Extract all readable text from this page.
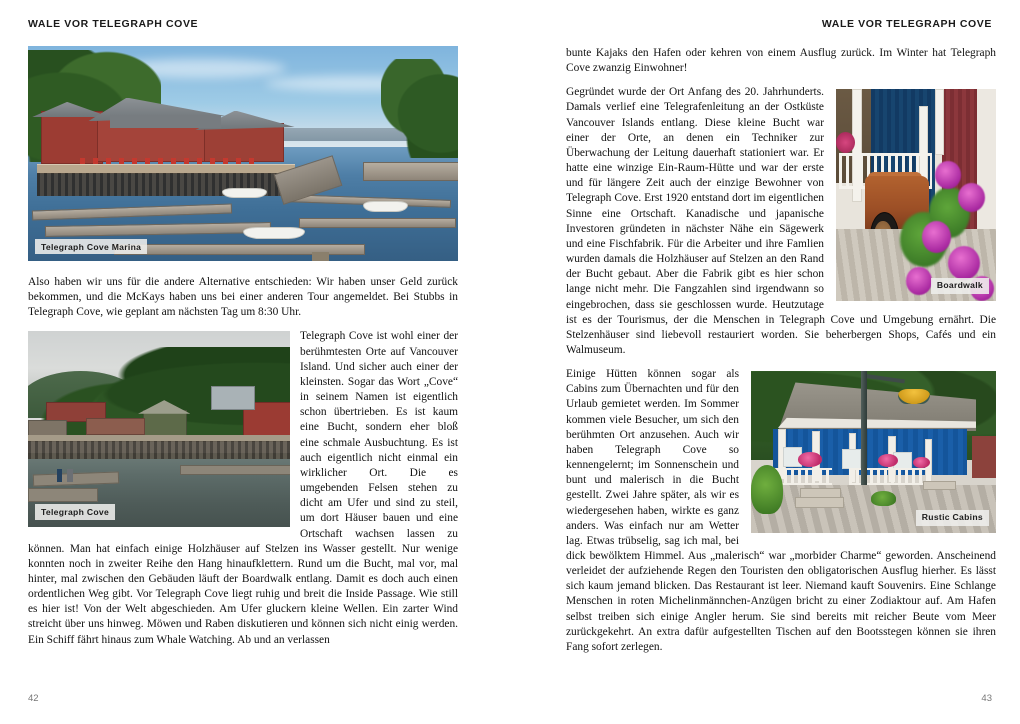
WALE VOR TELEGRAPH COVE	WALE VOR TELEGRAPH COVE
42	43
Telegraph Cove Marina

Also haben wir uns für die andere Alternative entschieden: Wir haben unser Geld zurück bekommen, und die McKays haben uns bei einer anderen Tour angemeldet. Bei Stubbs in Telegraph Cove, wie geplant am nächsten Tag um 8:30 Uhr.

Telegraph Cove

Telegraph Cove ist wohl einer der berühmtesten Orte auf Vancouver Island. Und sicher auch einer der kleinsten. Sogar das Wort „Cove“ in seinem Namen ist eigentlich schon übertrieben. Es ist kaum eine Bucht, sondern eher bloß eine schmale Ausbuchtung. Es ist auch eigentlich nicht einmal ein wirklicher Ort. Die es umgebenden Felsen stehen zu dicht am Ufer und sind zu steil, um dort Häuser bauen und eine Ortschaft wachsen lassen zu können. Man hat einfach einige Holzhäuser auf Stelzen ins Wasser gestellt. Nur wenige konnten noch in zweiter Reihe den Hang hinaufklettern. Rund um die Bucht, mal vor, mal hinter, mal zwischen den Gebäuden läuft der Boardwalk entlang. Damit es doch auch einen ordentlichen Weg gibt. Vor Telegraph Cove liegt ruhig und breit die Inside Passage. Wie still es hier ist! Von der Welt abgeschieden. Am Ufer gluckern kleine Wellen. Ein zarter Wind streicht über uns hinweg. Möwen und Raben diskutieren und können sich nicht einig werden. Ein Schiff fährt hinaus zum Whale Watching. Ab und an verlassen

bunte Kajaks den Hafen oder kehren von einem Ausflug zurück. Im Winter hat Telegraph Cove zwanzig Einwohner!

Boardwalk

Gegründet wurde der Ort Anfang des 20. Jahrhunderts. Damals verlief eine Telegrafenleitung an der Ostküste Vancouver Islands entlang. Diese kleine Bucht war einer der Orte, an denen ein Techniker zur Überwachung der Leitung dauerhaft stationiert war. Er hatte eine winzige Ein-Raum-Hütte und war der erste und für längere Zeit auch der einzige Bewohner von Telegraph Cove. Erst 1920 entstand dort im eigentlichen Sinne eine Ortschaft. Kanadische und japanische Investoren gründeten in nächster Nähe ein Sägewerk und eine Fischfabrik. Für die Arbeiter und ihre Famlien wurden damals die Holzhäuser auf Stelzen an den Rand der Bucht gebaut. Aber die Fabrik gibt es hier schon lange nicht mehr. Die Fangzahlen sind irgendwann so eingebrochen, dass sie geschlossen wurde. Heutzutage ist es der Tourismus, der die Menschen in Telegraph Cove und Umgebung ernährt. Die Stelzenhäuser sind liebevoll restauriert worden. Sie beherbergen Shops, Cafés und ein Walmuseum.

Rustic Cabins

Einige Hütten können sogar als Cabins zum Übernachten und für den Urlaub gemietet werden. Im Sommer kommen viele Besucher, um sich den berühmten Ort anzusehen. Auch wir haben Telegraph Cove so kennengelernt; im Sonnenschein und bunt und malerisch in die Bucht gestellt. Zwei Jahre später, als wir es wiedergesehen haben, wirkte es ganz anders. Was einfach nur am Wetter lag. Etwas trübselig, sag ich mal, bei dick bewölktem Himmel. Aus „malerisch“ war „morbider Charme“ geworden. Anscheinend verleidet der aufziehende Regen den Touristen den obligatorischen Ausflug hierher. Es lässt sich kaum jemand blicken. Das Restaurant ist leer. Niemand kauft Souvenirs. Eine Schlange Menschen in roten Michelinmännchen-Anzügen bricht zu einer Zodiaktour auf. Am Hafen selbst treiben sich einige Angler herum. Sie sind bereits mit reicher Beute vom Meer zurückgekehrt. An extra dafür aufgestellten Tischen auf den Bootsstegen können sie ihren Fang sofort zerlegen.
